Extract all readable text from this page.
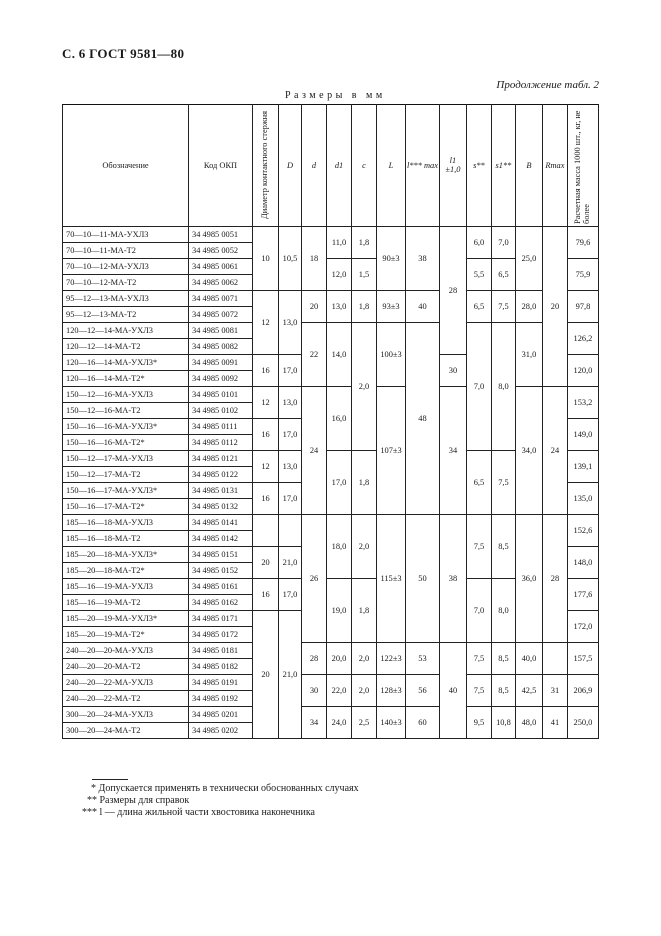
С. 6 ГОСТ 9581—80
Продолжение табл. 2
Размеры в мм
Обозначение	Код ОКП	Диаметр контактного стержня	D	d	d1	c	L	l*** max	l1 ±1,0	s**	s1**	B	Rmax	Расчетная масса 1000 шт., кг, не более
70—10—11-МА-УХЛ3	34 4985 0051	10	10,5	18	11,0	1,8	90±3	38	28	6,0	7,0	25,0	20	79,6
70—10—11-МА-Т2	34 4985 0052													
70—10—12-МА-УХЛ3	34 4985 0061				12,0	1,5				5,5	6,5			75,9
70—10—12-МА-Т2	34 4985 0062													
95—12—13-МА-УХЛ3	34 4985 0071	12	13,0	20	13,0	1,8	93±3	40		6,5	7,5	28,0		97,8
95—12—13-МА-Т2	34 4985 0072													
120—12—14-МА-УХЛ3	34 4985 0081			22	14,0	2,0	100±3	48		7,0	8,0	31,0		126,2
120—12—14-МА-Т2	34 4985 0082													
120—16—14-МА-УХЛ3*	34 4985 0091	16	17,0						30					120,0
120—16—14-МА-Т2*	34 4985 0092													
150—12—16-МА-УХЛ3	34 4985 0101	12	13,0	24	16,0		107±3		34			34,0	24	153,2
150—12—16-МА-Т2	34 4985 0102													
150—16—16-МА-УХЛ3*	34 4985 0111	16	17,0											149,0
150—16—16-МА-Т2*	34 4985 0112													
150—12—17-МА-УХЛ3	34 4985 0121	12	13,0		17,0	1,8				6,5	7,5			139,1
150—12—17-МА-Т2	34 4985 0122													
150—16—17-МА-УХЛ3*	34 4985 0131	16	17,0											135,0
150—16—17-МА-Т2*	34 4985 0132													
185—16—18-МА-УХЛ3	34 4985 0141			26	18,0	2,0	115±3	50	38	7,5	8,5	36,0	28	152,6
185—16—18-МА-Т2	34 4985 0142													
185—20—18-МА-УХЛ3*	34 4985 0151	20	21,0											148,0
185—20—18-МА-Т2*	34 4985 0152													
185—16—19-МА-УХЛ3	34 4985 0161	16	17,0		19,0	1,8				7,0	8,0			177,6
185—16—19-МА-Т2	34 4985 0162													
185—20—19-МА-УХЛ3*	34 4985 0171	20	21,0											172,0
185—20—19-МА-Т2*	34 4985 0172													
240—20—20-МА-УХЛ3	34 4985 0181			28	20,0	2,0	122±3	53	40	7,5	8,5	40,0		157,5
240—20—20-МА-Т2	34 4985 0182													
240—20—22-МА-УХЛ3	34 4985 0191			30	22,0	2,0	128±3	56		7,5	8,5	42,5	31	206,9
240—20—22-МА-Т2	34 4985 0192													
300—20—24-МА-УХЛ3	34 4985 0201			34	24,0	2,5	140±3	60		9,5	10,8	48,0	41	250,0
300—20—24-МА-Т2	34 4985 0202													
* Допускается применять в технически обоснованных случаях
** Размеры для справок
*** l — длина жильной части хвостовика наконечника
